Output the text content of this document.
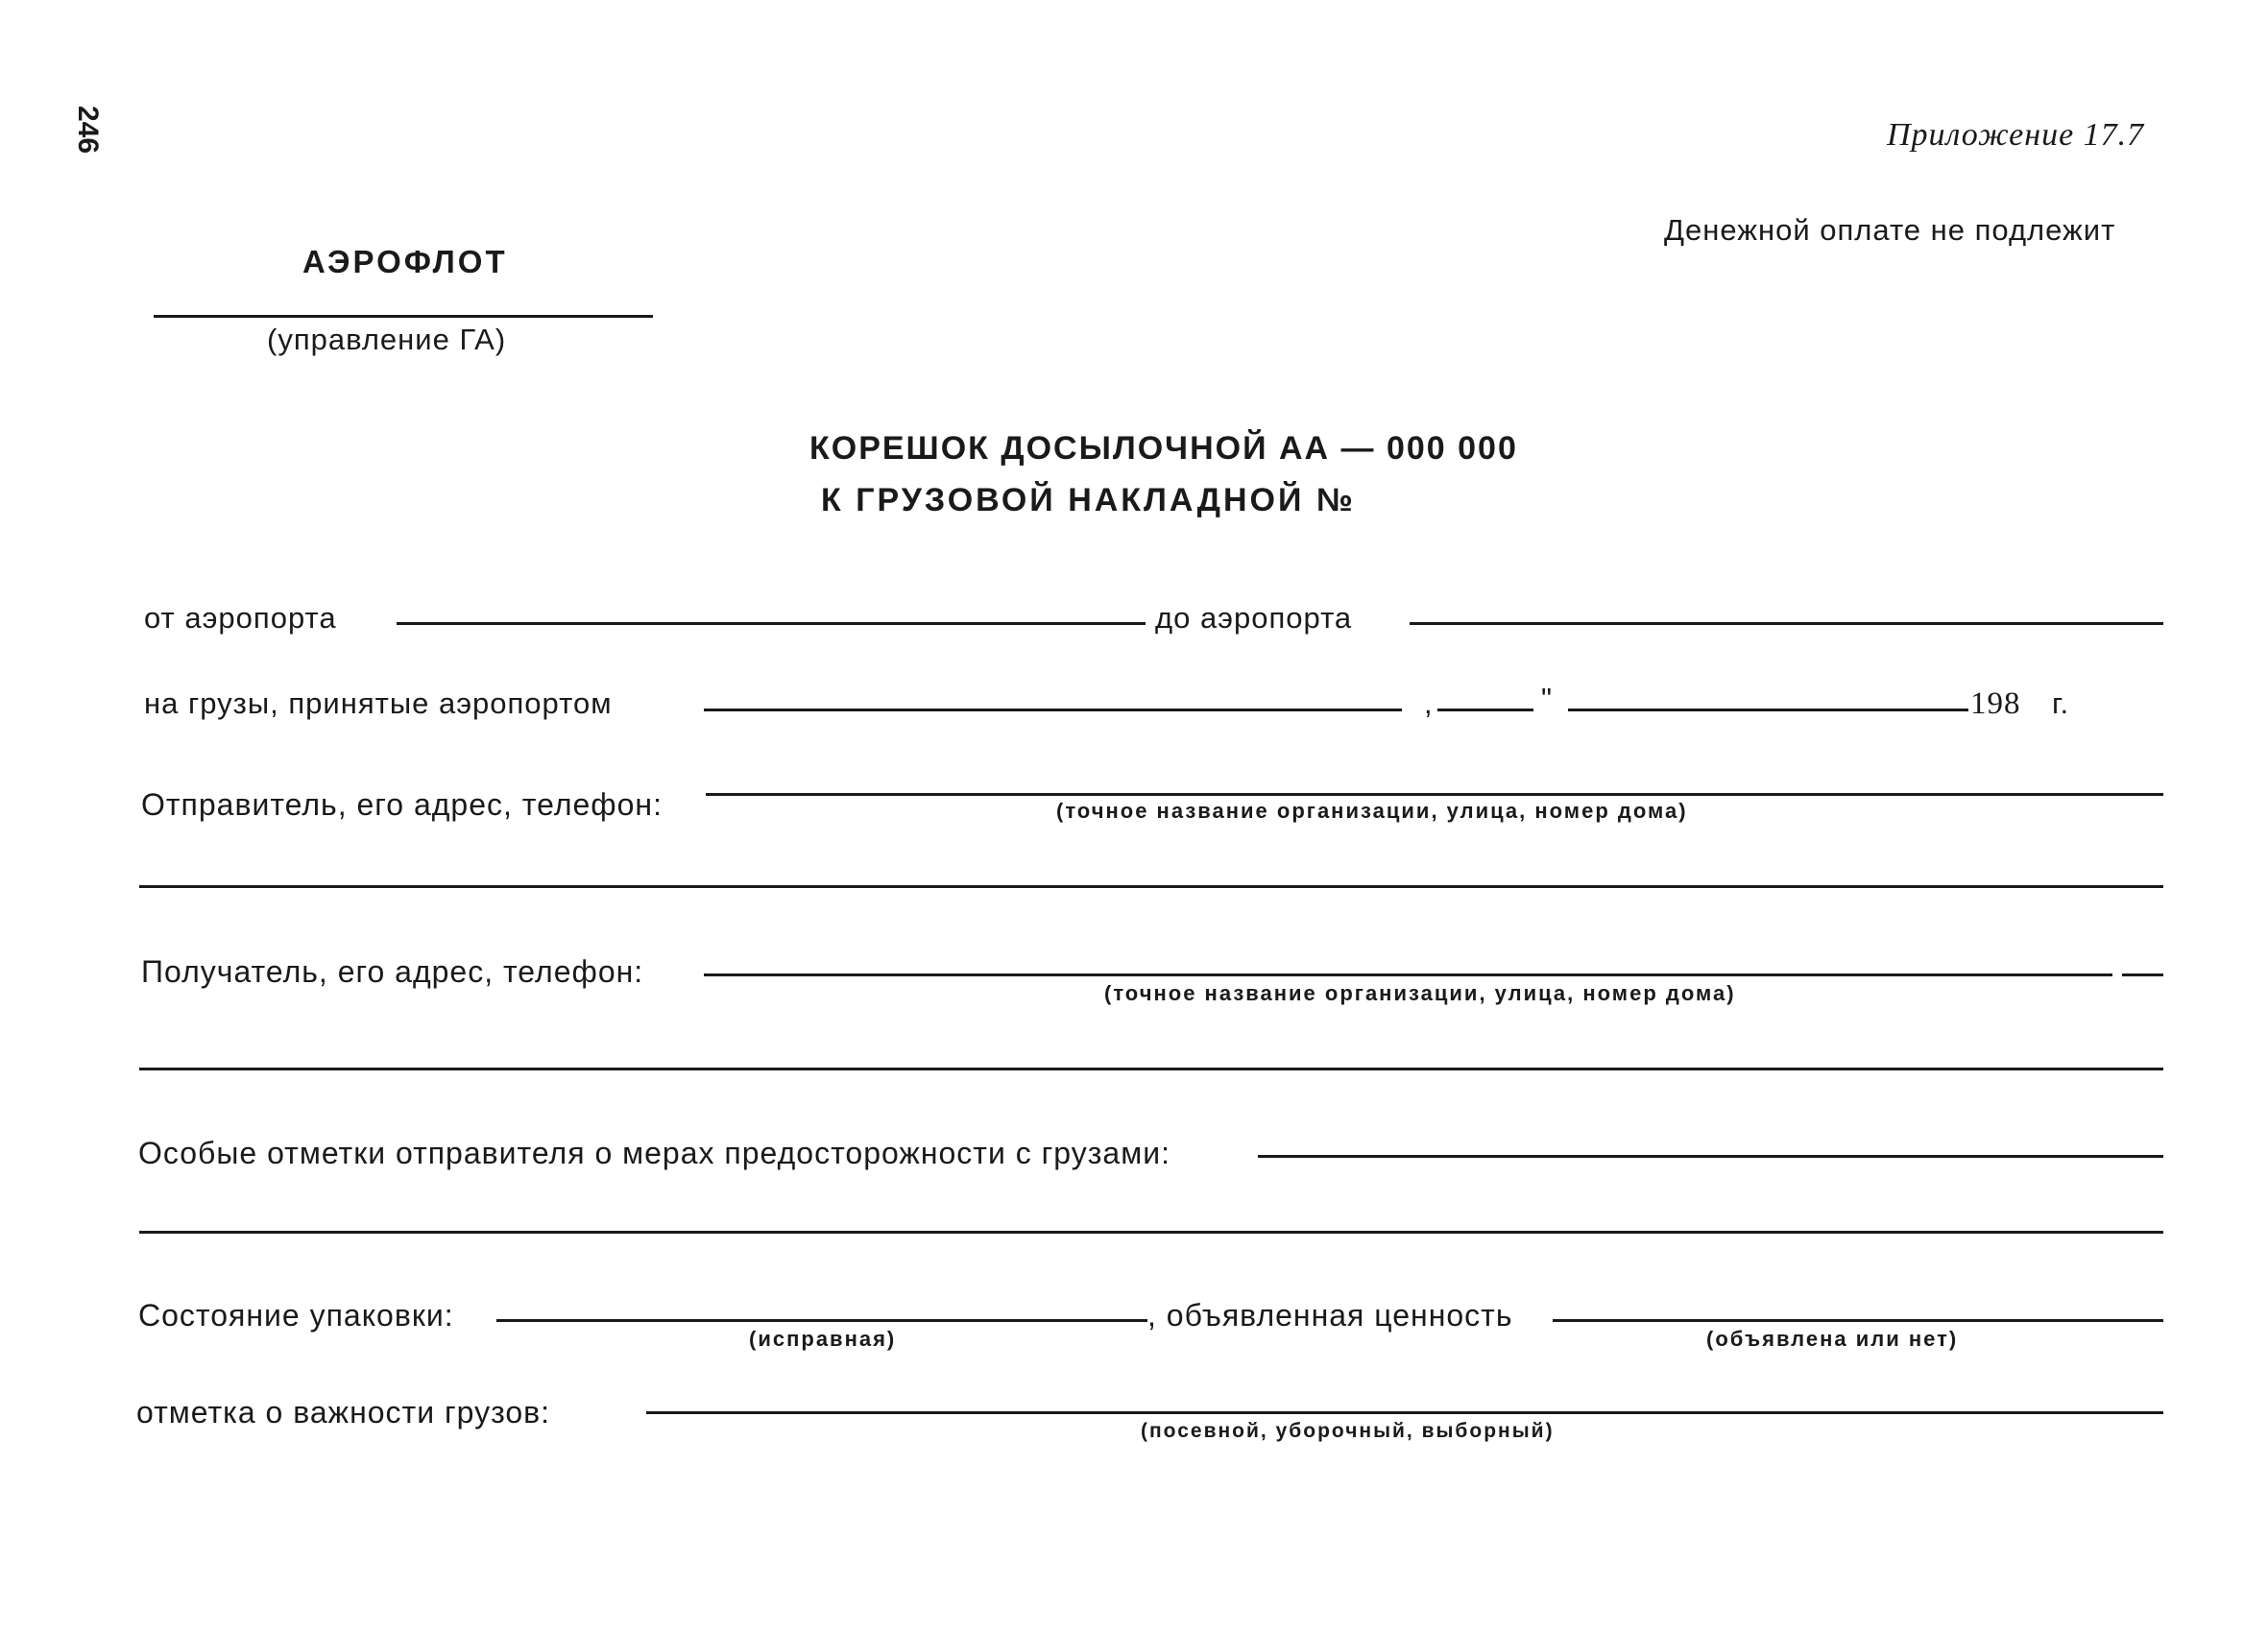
246	Приложение 17.7
Денежной оплате не подлежит
АЭРОФЛОТ
(управление ГА)
КОРЕШОК ДОСЫЛОЧНОЙ АА — 000 000
К ГРУЗОВОЙ НАКЛАДНОЙ №
от аэропорта	до аэропорта
на грузы, принятые аэропортом	,	"	198 г.
Отправитель, его адрес, телефон:	(точное название организации, улица, номер дома)
Получатель, его адрес, телефон:
(точное название организации, улица, номер дома)
Особые отметки отправителя о мерах предосторожности с грузами:
Состояние упаковки:
(исправная)
, объявленная ценность
(объявлена или нет)
отметка о важности грузов:
(посевной, уборочный, выборный)
